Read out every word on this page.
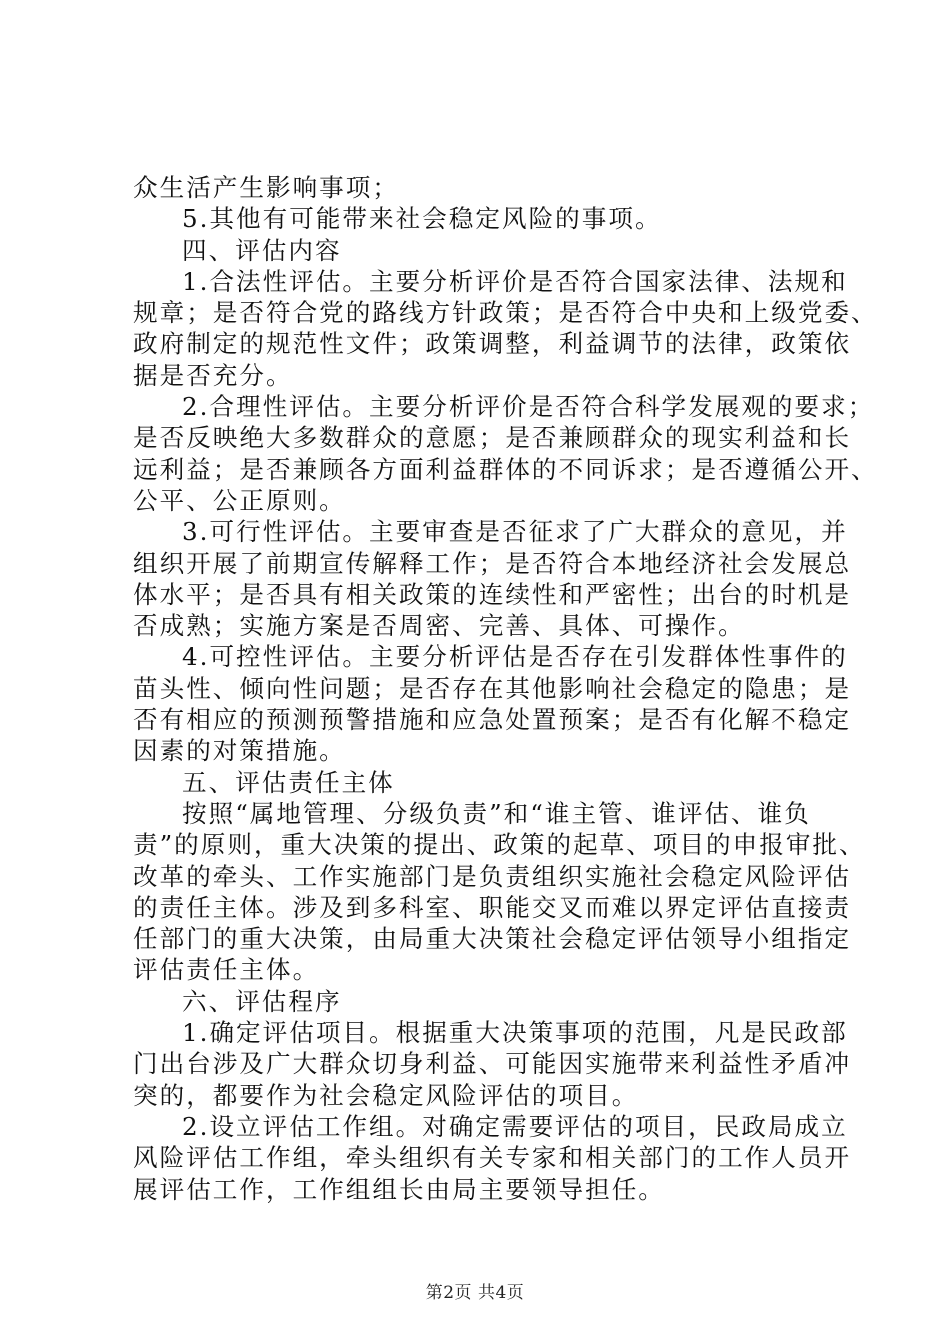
众生活产生影响事项；
5.其他有可能带来社会稳定风险的事项。
四、评估内容
1.合法性评估。主要分析评价是否符合国家法律、法规和
规章；是否符合党的路线方针政策；是否符合中央和上级党委、
政府制定的规范性文件；政策调整，利益调节的法律，政策依
据是否充分。
2.合理性评估。主要分析评价是否符合科学发展观的要求；
是否反映绝大多数群众的意愿；是否兼顾群众的现实利益和长
远利益；是否兼顾各方面利益群体的不同诉求；是否遵循公开、
公平、公正原则。
3.可行性评估。主要审查是否征求了广大群众的意见，并
组织开展了前期宣传解释工作；是否符合本地经济社会发展总
体水平；是否具有相关政策的连续性和严密性；出台的时机是
否成熟；实施方案是否周密、完善、具体、可操作。
4.可控性评估。主要分析评估是否存在引发群体性事件的
苗头性、倾向性问题；是否存在其他影响社会稳定的隐患；是
否有相应的预测预警措施和应急处置预案；是否有化解不稳定
因素的对策措施。
五、评估责任主体
按照“属地管理、分级负责”和“谁主管、谁评估、谁负
责”的原则，重大决策的提出、政策的起草、项目的申报审批、
改革的牵头、工作实施部门是负责组织实施社会稳定风险评估
的责任主体。涉及到多科室、职能交叉而难以界定评估直接责
任部门的重大决策，由局重大决策社会稳定评估领导小组指定
评估责任主体。
六、评估程序
1.确定评估项目。根据重大决策事项的范围，凡是民政部
门出台涉及广大群众切身利益、可能因实施带来利益性矛盾冲
突的，都要作为社会稳定风险评估的项目。
2.设立评估工作组。对确定需要评估的项目，民政局成立
风险评估工作组，牵头组织有关专家和相关部门的工作人员开
展评估工作，工作组组长由局主要领导担任。
第2页 共4页
